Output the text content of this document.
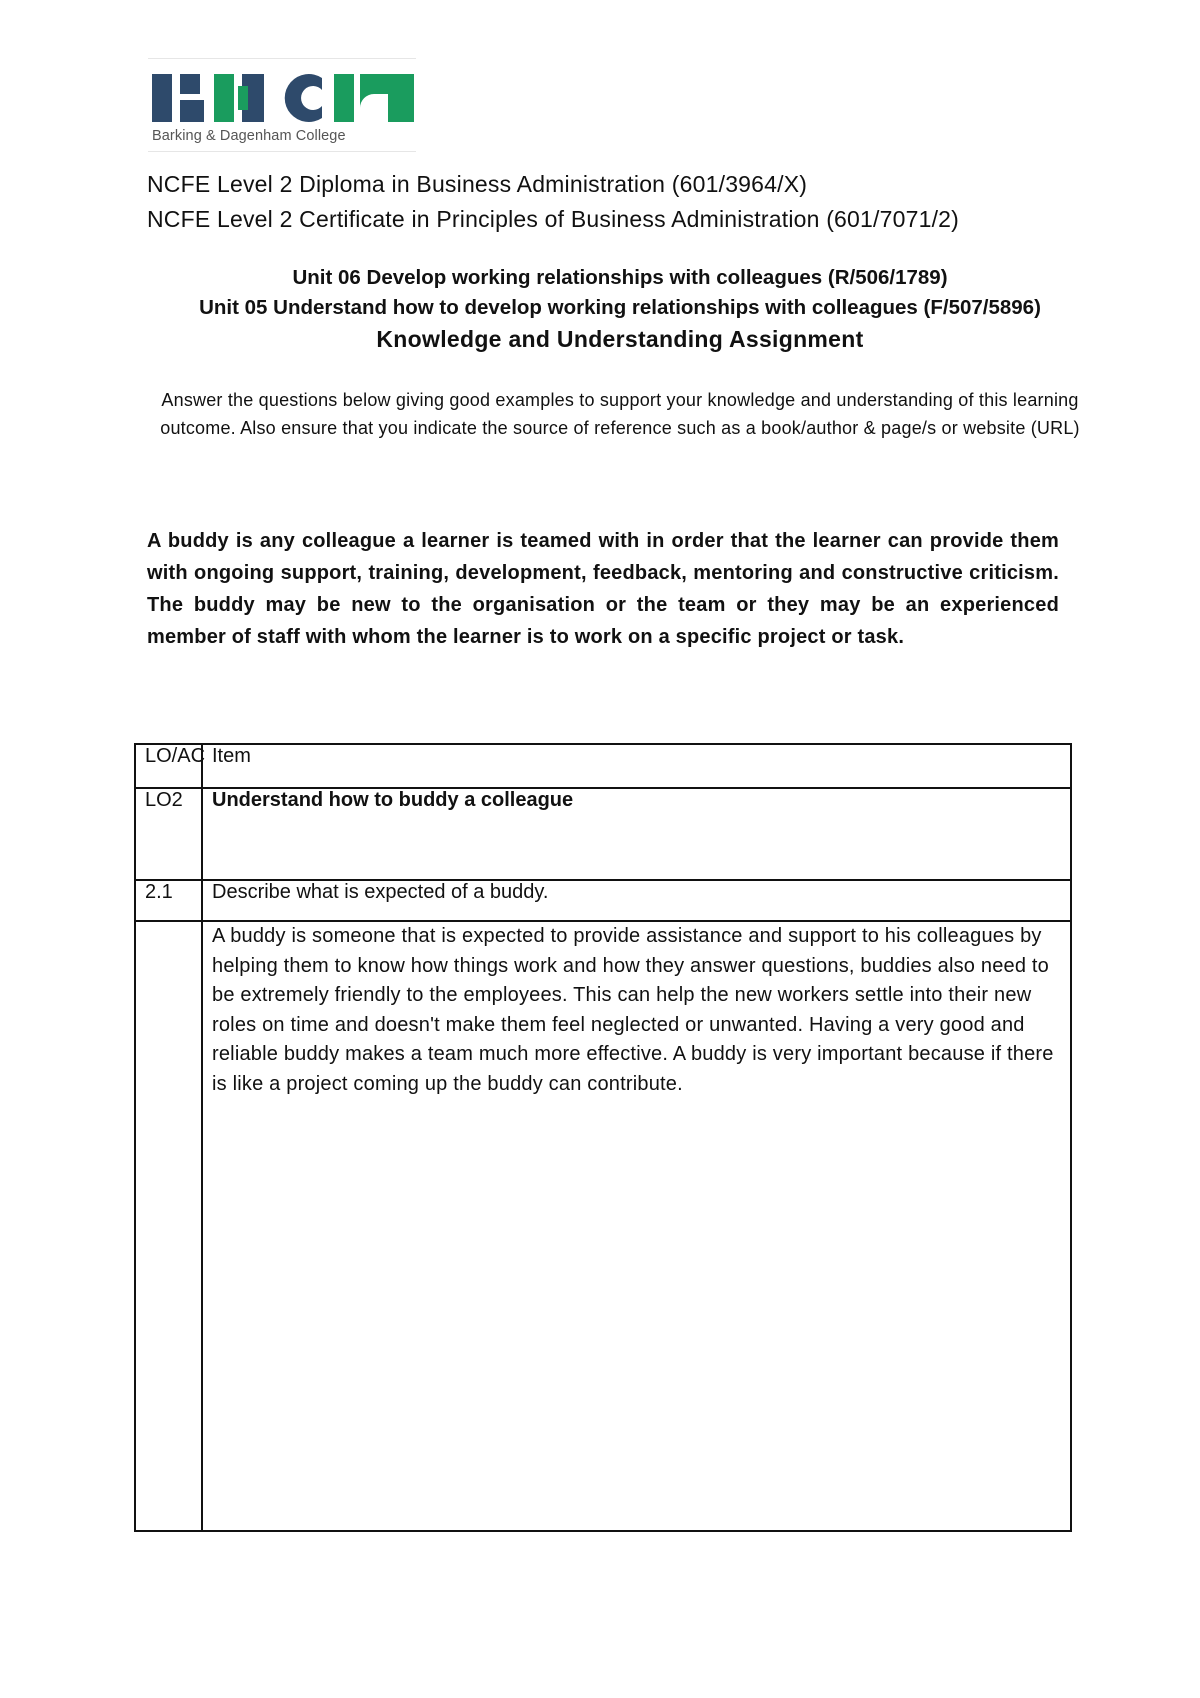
Barking & Dagenham College
NCFE Level 2 Diploma in Business Administration (601/3964/X)
NCFE Level 2 Certificate in Principles of Business Administration (601/7071/2)
Unit 06 Develop working relationships with colleagues (R/506/1789)
Unit 05 Understand how to develop working relationships with colleagues (F/507/5896)
Knowledge and Understanding Assignment
Answer the questions below giving good examples to support your knowledge and understanding of this learning outcome. Also ensure that you indicate the source of reference such as a book/author & page/s or website (URL)
A buddy is any colleague a learner is teamed with in order that the learner can provide them with ongoing support, training, development, feedback, mentoring and constructive criticism. The buddy may be new to the organisation or the team or they may be an experienced member of staff with whom the learner is to work on a specific project or task.
LO/AC	Item
LO2	Understand how to buddy a colleague
2.1	Describe what is expected of a buddy.
	A buddy is someone that is expected to provide assistance and support to his colleagues by helping them to know how things work and how they answer questions, buddies also need to be extremely friendly to the employees. This can help the new workers settle into their new roles on time and doesn't make them feel neglected or unwanted. Having a very good and reliable buddy makes a team much more effective. A buddy is very important because if there is like a project coming up the buddy can contribute.
